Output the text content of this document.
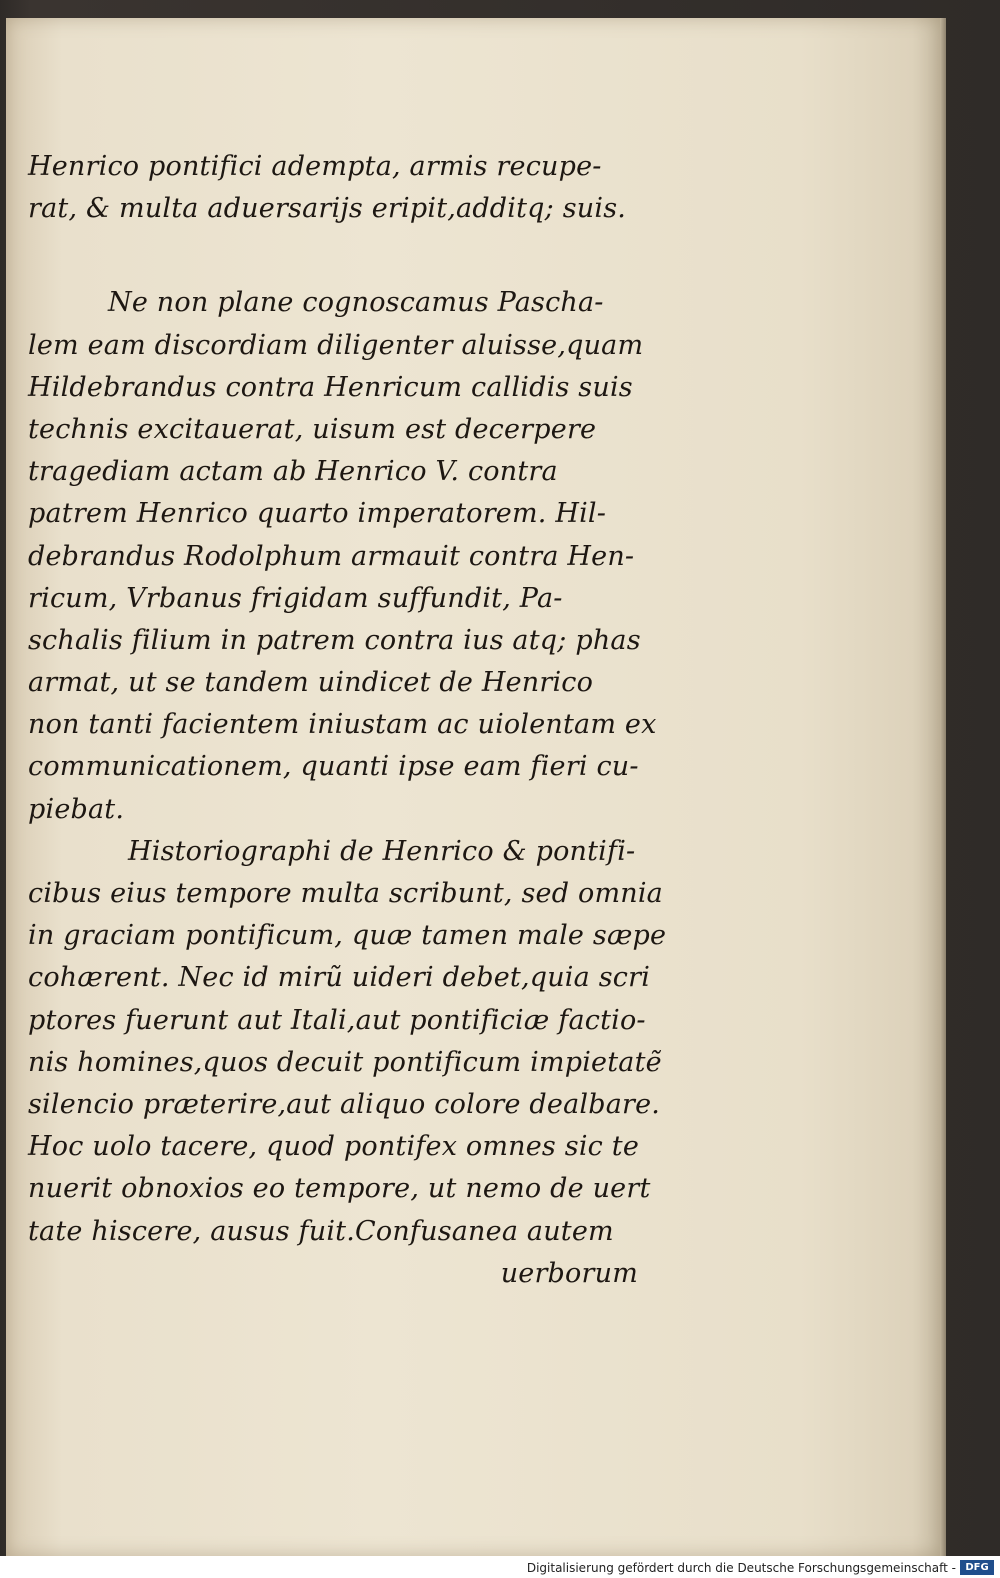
Henrico pontifici adempta, armis recupe-
rat, & multa aduersarijs eripit,additq; suis.
Ne non plane cognoscamus Pascha-
lem eam discordiam diligenter aluisse,quam
Hildebrandus contra Henricum callidis suis
technis excitauerat, uisum est decerpere
tragediam actam ab Henrico V. contra
patrem Henrico quarto imperatorem. Hil-
debrandus Rodolphum armauit contra Hen-
ricum, Vrbanus frigidam suffundit, Pa-
schalis filium in patrem contra ius atq; phas
armat, ut se tandem uindicet de Henrico
non tanti facientem iniustam ac uiolentam ex
communicationem, quanti ipse eam fieri cu-
piebat.
Historiographi de Henrico & pontifi-
cibus eius tempore multa scribunt, sed omnia
in graciam pontificum, quæ tamen male sæpe
cohærent. Nec id mirũ uideri debet,quia scri
ptores fuerunt aut Itali,aut pontificiæ factio-
nis homines,quos decuit pontificum impietatẽ
silencio præterire,aut aliquo colore dealbare.
Hoc uolo tacere, quod pontifex omnes sic te
nuerit obnoxios eo tempore, ut nemo de uert
tate hiscere, ausus fuit.Confusanea autem
uerborum
Digitalisierung gefördert durch die Deutsche Forschungsgemeinschaft - DFG
